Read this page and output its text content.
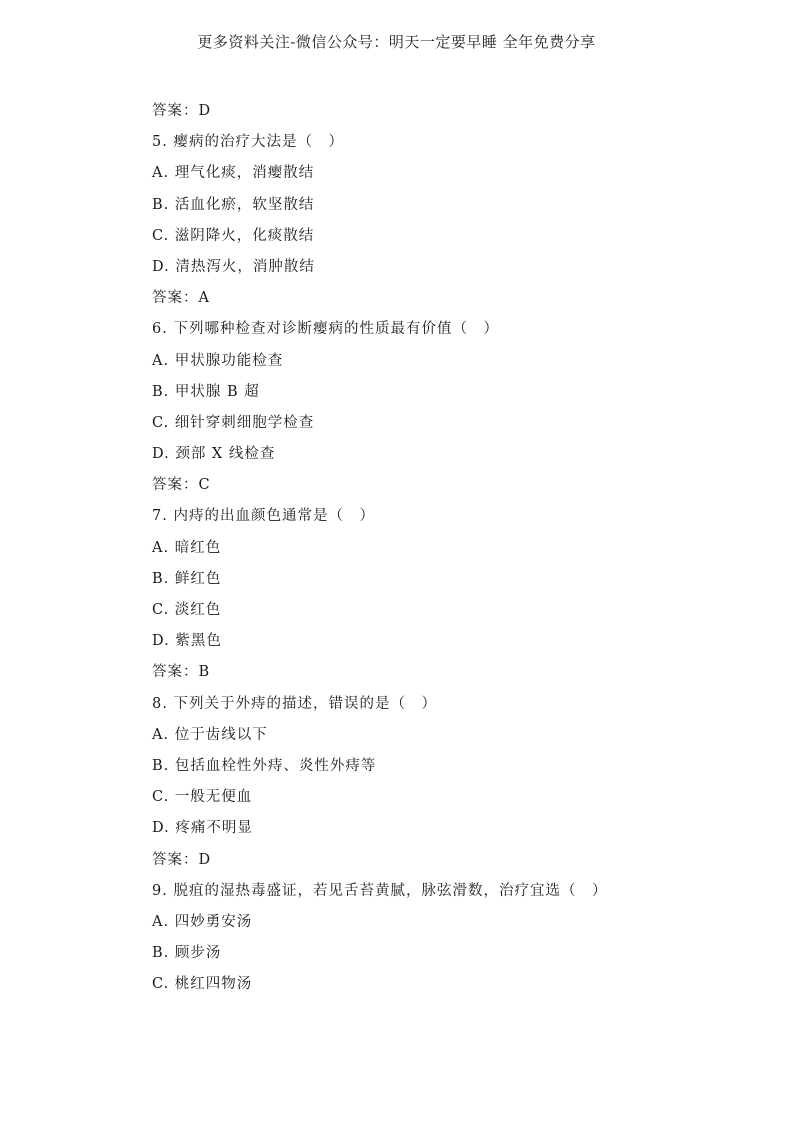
更多资料关注-微信公众号：明天一定要早睡 全年免费分享
答案：D
5. 瘿病的治疗大法是（　）
A. 理气化痰，消瘿散结
B. 活血化瘀，软坚散结
C. 滋阴降火，化痰散结
D. 清热泻火，消肿散结
答案：A
6. 下列哪种检查对诊断瘿病的性质最有价值（　）
A. 甲状腺功能检查
B. 甲状腺 B 超
C. 细针穿刺细胞学检查
D. 颈部 X 线检查
答案：C
7. 内痔的出血颜色通常是（　）
A. 暗红色
B. 鲜红色
C. 淡红色
D. 紫黑色
答案：B
8. 下列关于外痔的描述，错误的是（　）
A. 位于齿线以下
B. 包括血栓性外痔、炎性外痔等
C. 一般无便血
D. 疼痛不明显
答案：D
9. 脱疽的湿热毒盛证，若见舌苔黄腻，脉弦滑数，治疗宜选（　）
A. 四妙勇安汤
B. 顾步汤
C. 桃红四物汤
